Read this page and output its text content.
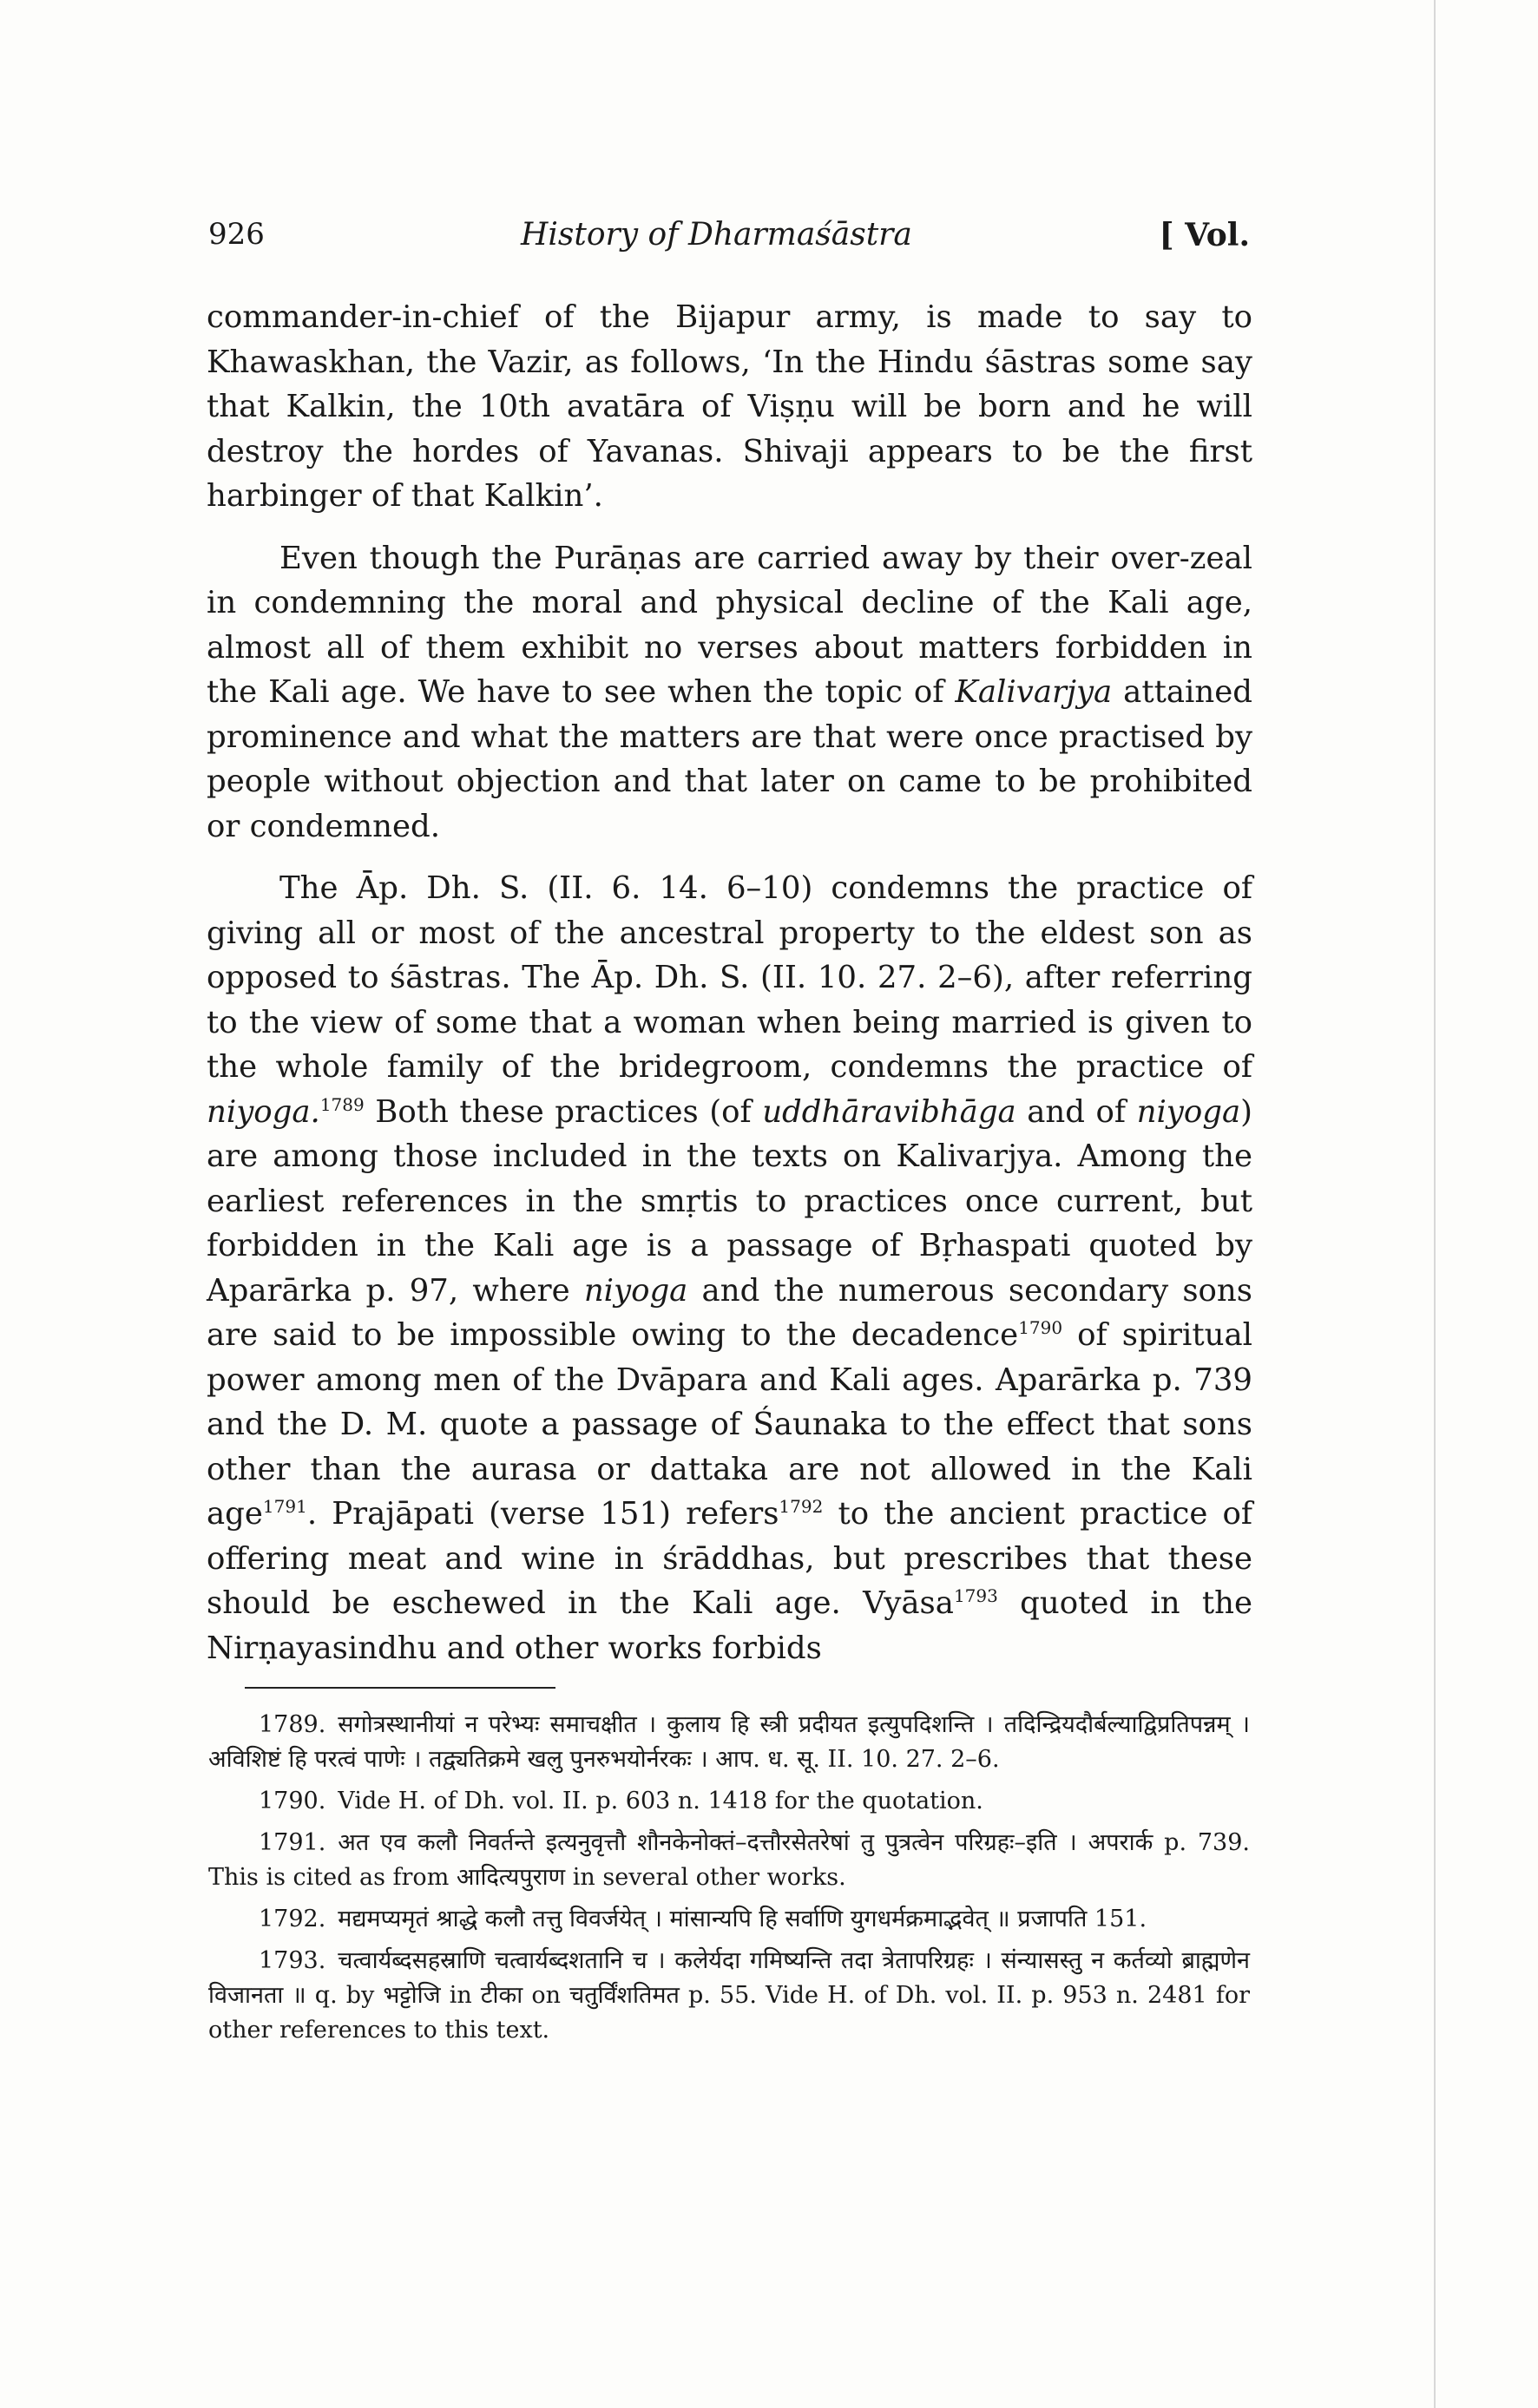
926	History of Dharmaśāstra	[ Vol.

commander-in-chief of the Bijapur army, is made to say to Khawaskhan, the Vazir, as follows, ‘In the Hindu śāstras some say that Kalkin, the 10th avatāra of Viṣṇu will be born and he will destroy the hordes of Yavanas. Shivaji appears to be the first harbinger of that Kalkin’.

Even though the Purāṇas are carried away by their over-zeal in condemning the moral and physical decline of the Kali age, almost all of them exhibit no verses about matters forbidden in the Kali age. We have to see when the topic of Kalivarjya attained prominence and what the matters are that were once practised by people without objection and that later on came to be prohibited or condemned.

The Āp. Dh. S. (II. 6. 14. 6–10) condemns the practice of giving all or most of the ancestral property to the eldest son as opposed to śāstras. The Āp. Dh. S. (II. 10. 27. 2–6), after referring to the view of some that a woman when being married is given to the whole family of the bridegroom, condemns the practice of niyoga.$^{1789}$ Both these practices (of uddhāravibhāga and of niyoga) are among those included in the texts on Kalivarjya. Among the earliest references in the smṛtis to practices once current, but forbidden in the Kali age is a passage of Bṛhaspati quoted by Aparārka p. 97, where niyoga and the numerous secondary sons are said to be impossible owing to the decadence$^{1790}$ of spiritual power among men of the Dvāpara and Kali ages. Aparārka p. 739 and the D. M. quote a passage of Śaunaka to the effect that sons other than the aurasa or dattaka are not allowed in the Kali age$^{1791}$. Prajāpati (verse 151) refers$^{1792}$ to the ancient practice of offering meat and wine in śrāddhas, but prescribes that these should be eschewed in the Kali age. Vyāsa$^{1793}$ quoted in the Nirṇayasindhu and other works forbids

1789. सगोत्रस्थानीयां न परेभ्यः समाचक्षीत । कुलाय हि स्त्री प्रदीयत इत्युपदिशन्ति । तदिन्द्रियदौर्बल्याद्विप्रतिपन्नम् । अविशिष्टं हि परत्वं पाणेः । तद्व्यतिक्रमे खलु पुनरुभयोर्नरकः । आप. ध. सू. II. 10. 27. 2–6.

1790. Vide H. of Dh. vol. II. p. 603 n. 1418 for the quotation.

1791. अत एव कलौ निवर्तन्ते इत्यनुवृत्तौ शौनकेनोक्तं–दत्तौरसेतरेषां तु पुत्रत्वेन परिग्रहः–इति । अपरार्क p. 739. This is cited as from आदित्यपुराण in several other works.

1792. मद्यमप्यमृतं श्राद्धे कलौ तत्तु विवर्जयेत् । मांसान्यपि हि सर्वाणि युगधर्मक्रमाद्भवेत् ॥ प्रजापति 151.

1793. चत्वार्यब्दसहस्राणि चत्वार्यब्दशतानि च । कलेर्यदा गमिष्यन्ति तदा त्रेतापरिग्रहः । संन्यासस्तु न कर्तव्यो ब्राह्मणेन विजानता ॥ q. by भट्टोजि in टीका on चतुर्विंशतिमत p. 55. Vide H. of Dh. vol. II. p. 953 n. 2481 for other references to this text.
